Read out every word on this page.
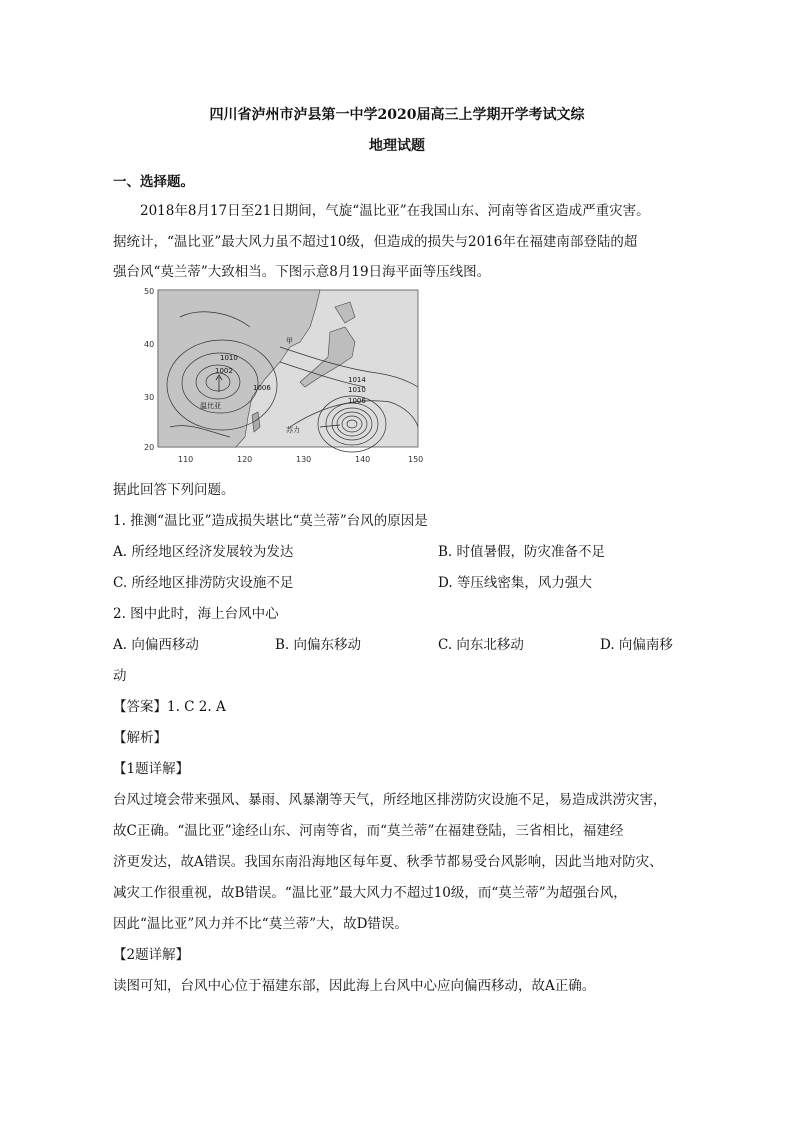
四川省泸州市泸县第一中学2020届高三上学期开学考试文综
地理试题
一、选择题。
2018年8月17日至21日期间，气旋“温比亚”在我国山东、河南等省区造成严重灾害。
据统计，“温比亚”最大风力虽不超过10级，但造成的损失与2016年在福建南部登陆的超
强台风“莫兰蒂”大致相当。下图示意8月19日海平面等压线图。
50
40
30
20
110	120	130	140	150
1010
1002
1006
1014
1010
1006
温比亚
苏力
甲
据此回答下列问题。
1. 推测“温比亚”造成损失堪比“莫兰蒂”台风的原因是
A. 所经地区经济发展较为发达	B. 时值暑假，防灾准备不足
C. 所经地区排涝防灾设施不足	D. 等压线密集，风力强大
2. 图中此时，海上台风中心
A. 向偏西移动	B. 向偏东移动	C. 向东北移动	D. 向偏南移
动
【答案】1. C 2. A
【解析】
【1题详解】
台风过境会带来强风、暴雨、风暴潮等天气，所经地区排涝防灾设施不足，易造成洪涝灾害，
故C正确。“温比亚”途经山东、河南等省，而“莫兰蒂”在福建登陆，三省相比，福建经
济更发达，故A错误。我国东南沿海地区每年夏、秋季节都易受台风影响，因此当地对防灾、
减灾工作很重视，故B错误。“温比亚”最大风力不超过10级，而“莫兰蒂”为超强台风，
因此“温比亚”风力并不比“莫兰蒂”大，故D错误。
【2题详解】
读图可知，台风中心位于福建东部，因此海上台风中心应向偏西移动，故A正确。
